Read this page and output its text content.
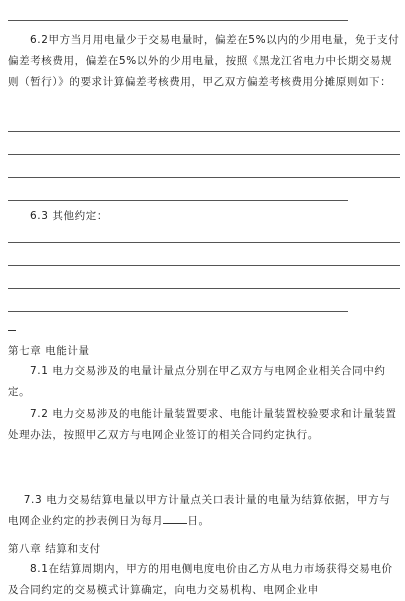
6.2甲方当月用电量少于交易电量时，偏差在5%以内的少用电量，免于支付偏差考核费用，偏差在5%以外的少用电量，按照《黑龙江省电力中长期交易规则（暂行）》的要求计算偏差考核费用，甲乙双方偏差考核费用分摊原则如下：
6.3 其他约定：
第七章 电能计量
7.1 电力交易涉及的电量计量点分别在甲乙双方与电网企业相关合同中约定。
7.2 电力交易涉及的电能计量装置要求、电能计量装置校验要求和计量装置处理办法，按照甲乙双方与电网企业签订的相关合同约定执行。

7.3 电力交易结算电量以甲方计量点关口表计量的电量为结算依据，甲方与电网企业约定的抄表例日为每月 日。

第八章 结算和支付
8.1在结算周期内，甲方的用电侧电度电价由乙方从电力市场获得交易电价及合同约定的交易模式计算确定，向电力交易机构、电网企业申
